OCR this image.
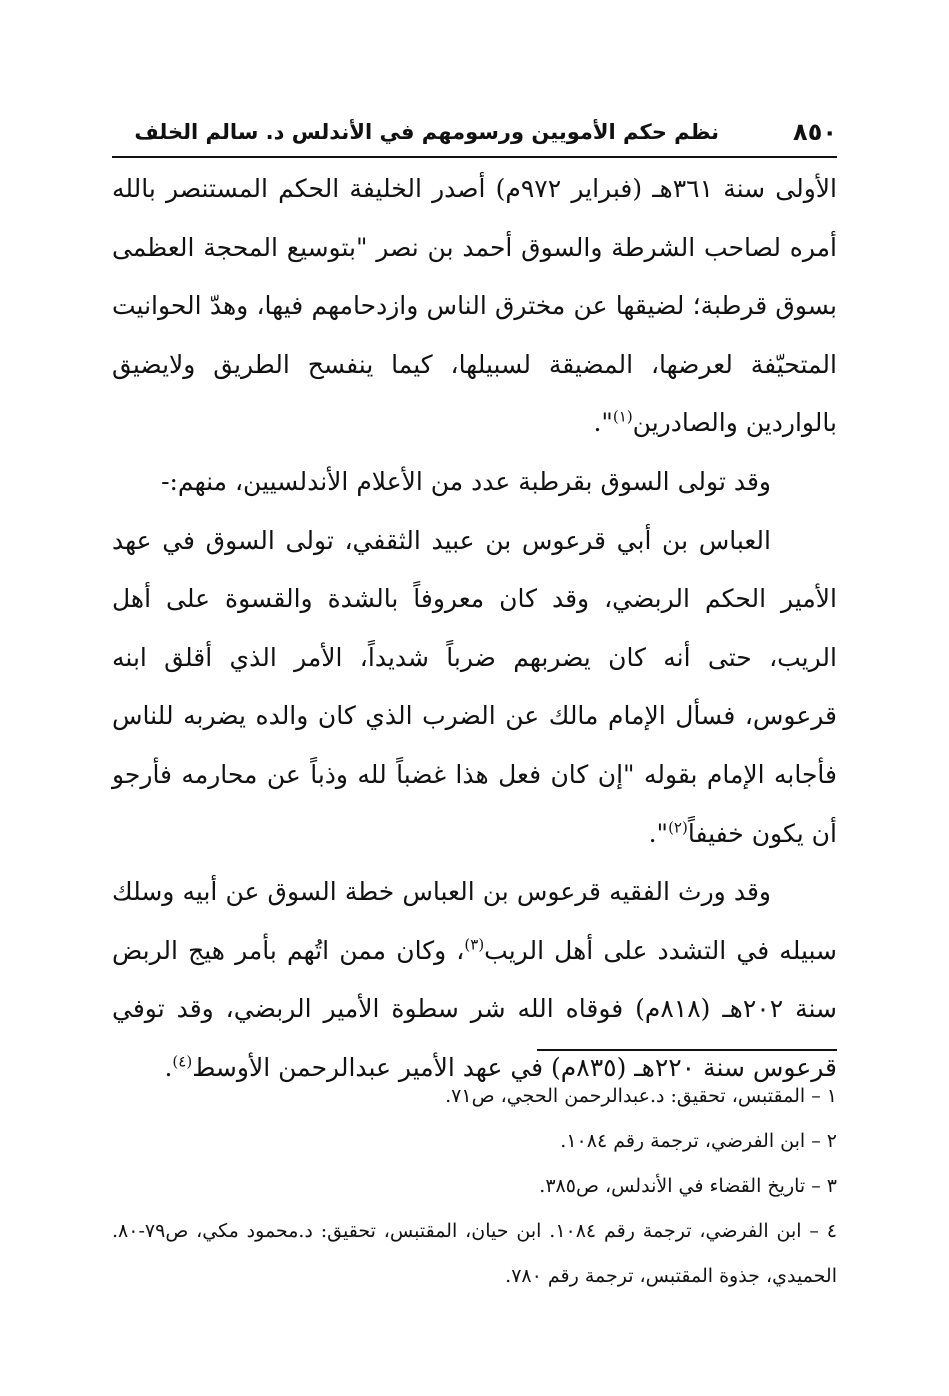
٨٥٠
نظم حكم الأمويين ورسومهم في الأندلس د. سالم الخلف

الأولى سنة ٣٦١هـ (فبراير ٩٧٢م) أصدر الخليفة الحكم المستنصر بالله أمره لصاحب الشرطة والسوق أحمد بن نصر "بتوسيع المحجة العظمى بسوق قرطبة؛ لضيقها عن مخترق الناس وازدحامهم فيها، وهدّ الحوانيت المتحيّفة لعرضها، المضيقة لسبيلها، كيما ينفسح الطريق ولايضيق بالواردين والصادرين$^{(١)}$".

وقد تولى السوق بقرطبة عدد من الأعلام الأندلسيين، منهم:-

العباس بن أبي قرعوس بن عبيد الثقفي، تولى السوق في عهد الأمير الحكم الربضي، وقد كان معروفاً بالشدة والقسوة على أهل الريب، حتى أنه كان يضربهم ضرباً شديداً، الأمر الذي أقلق ابنه قرعوس، فسأل الإمام مالك عن الضرب الذي كان والده يضربه للناس فأجابه الإمام بقوله "إن كان فعل هذا غضباً لله وذباً عن محارمه فأرجو أن يكون خفيفاً$^{(٢)}$".

وقد ورث الفقيه قرعوس بن العباس خطة السوق عن أبيه وسلك سبيله في التشدد على أهل الريب$^{(٣)}$، وكان ممن اتُهم بأمر هيج الربض سنة ٢٠٢هـ (٨١٨م) فوقاه الله شر سطوة الأمير الربضي، وقد توفي قرعوس سنة ٢٢٠هـ (٨٣٥م) في عهد الأمير عبدالرحمن الأوسط$^{(٤)}$.

١ – المقتبس، تحقيق: د.عبدالرحمن الحجي، ص٧١.

٢ – ابن الفرضي، ترجمة رقم ١٠٨٤.

٣ – تاريخ القضاء في الأندلس، ص٣٨٥.

٤ – ابن الفرضي، ترجمة رقم ١٠٨٤. ابن حيان، المقتبس، تحقيق: د.محمود مكي، ص٧٩-٨٠. الحميدي، جذوة المقتبس، ترجمة رقم ٧٨٠.
